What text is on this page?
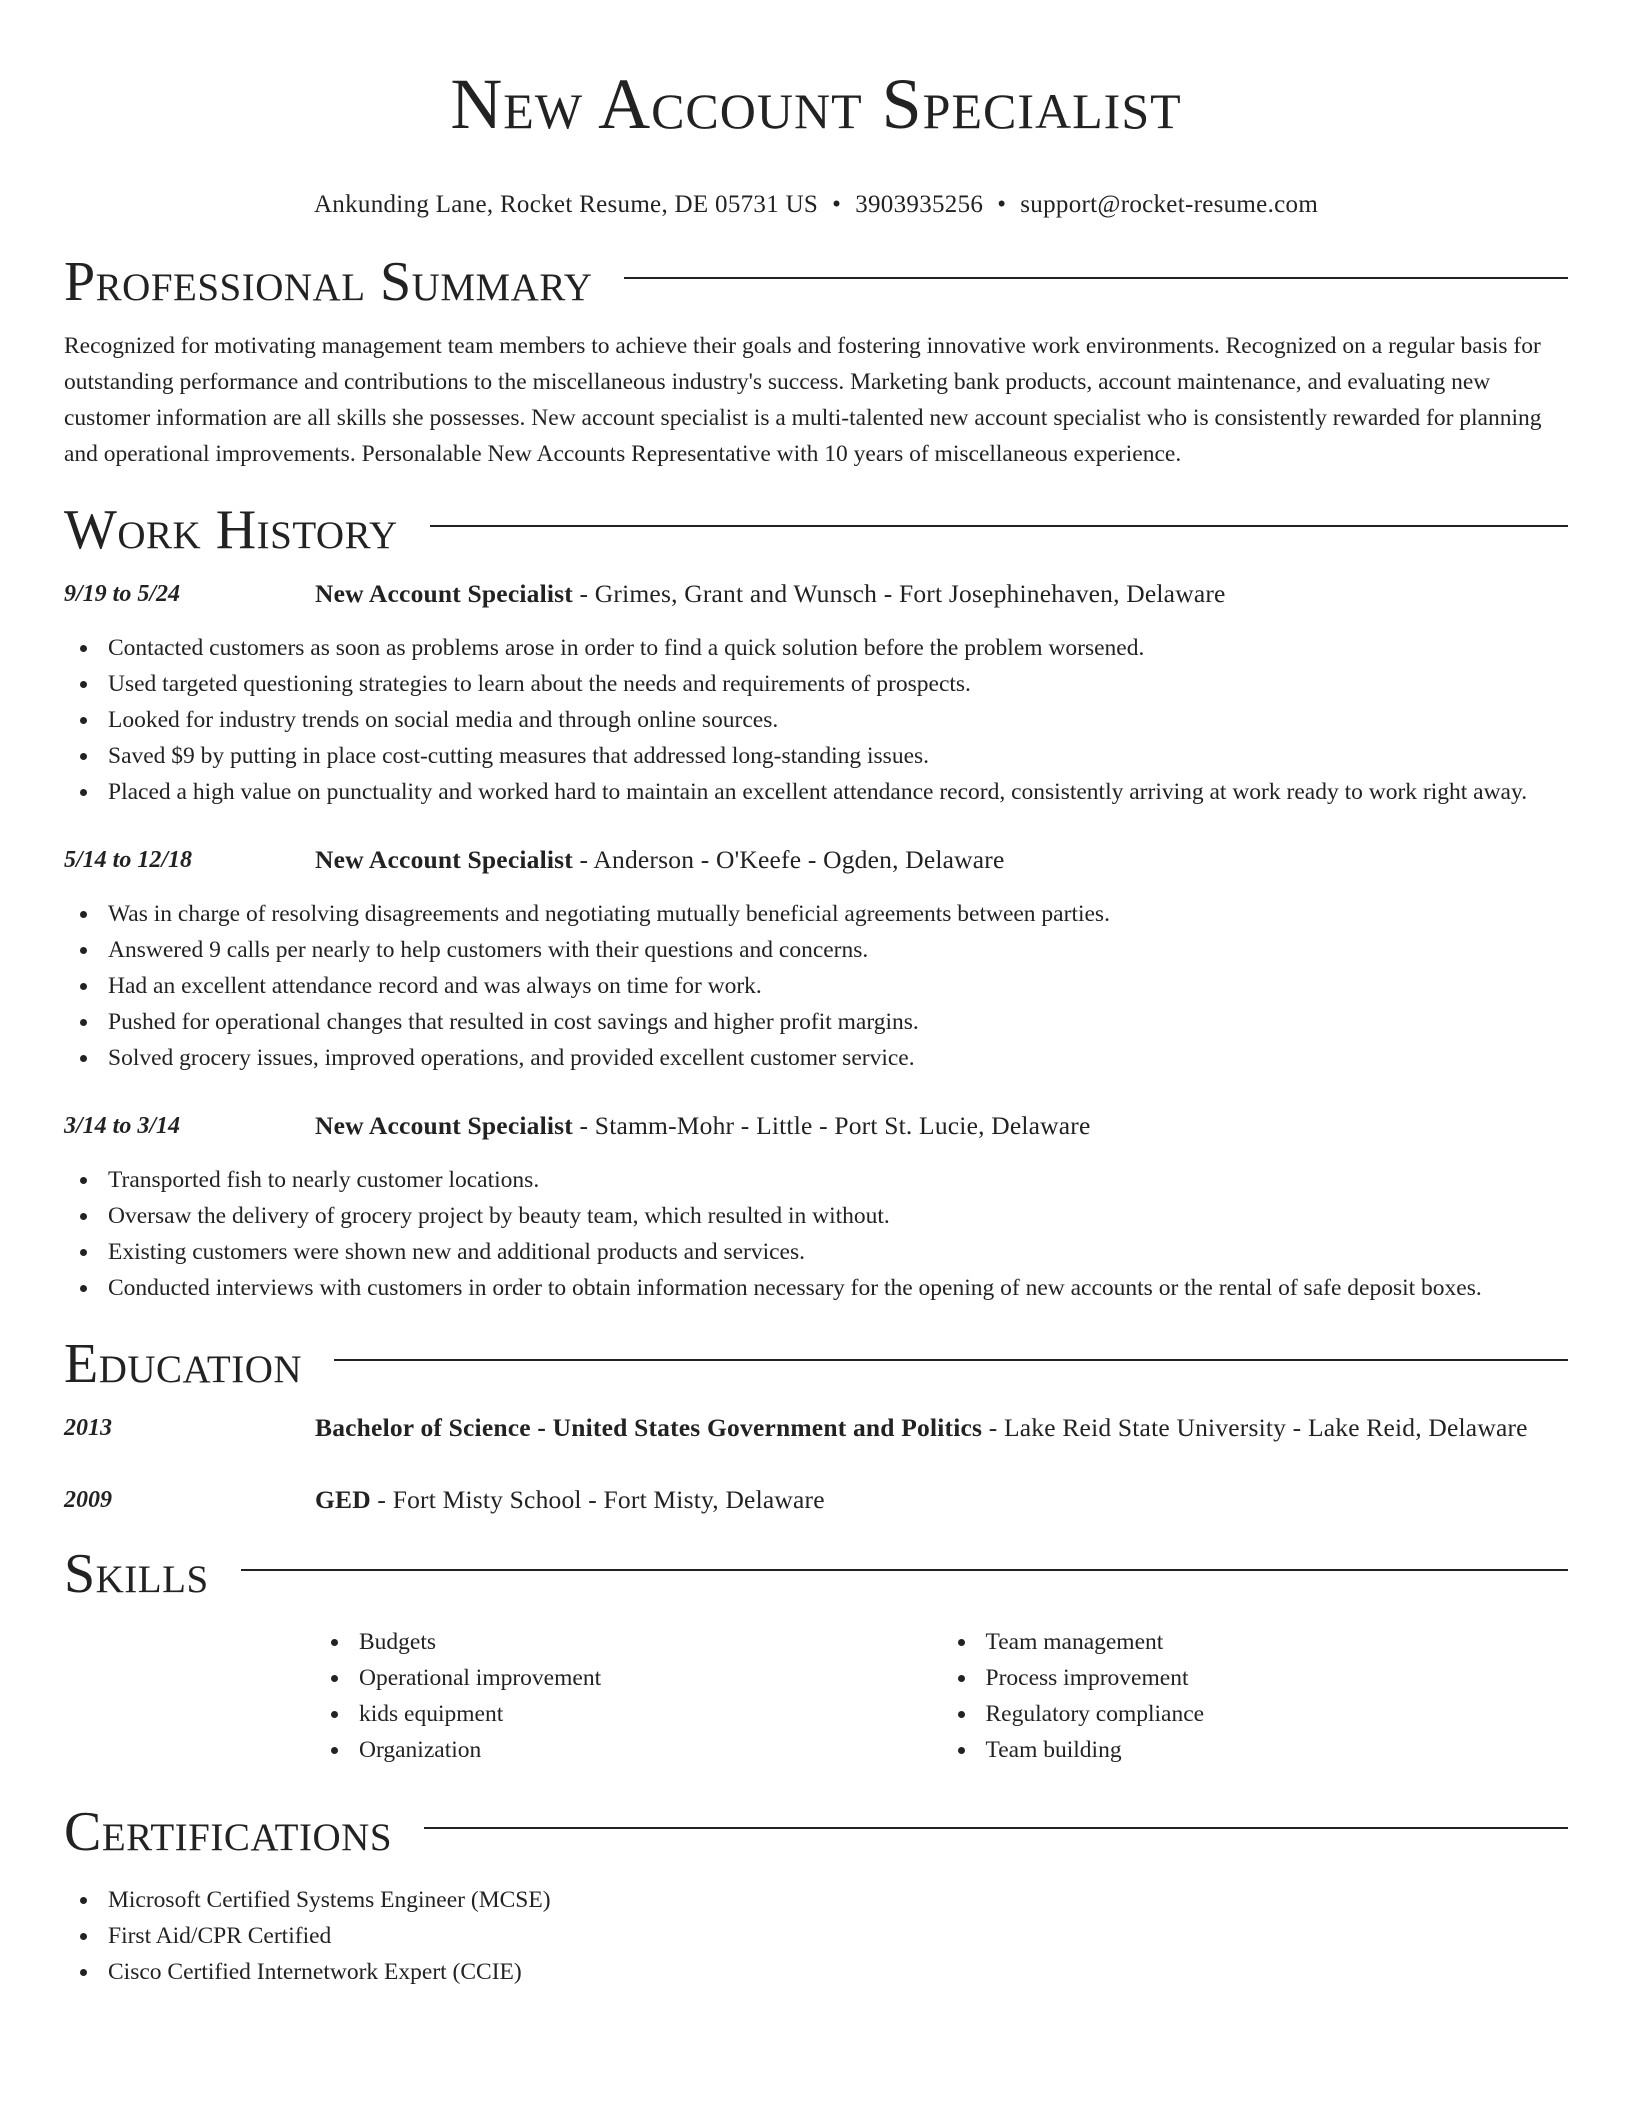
New Account Specialist
Ankunding Lane, Rocket Resume, DE 05731 US • 3903935256 • support@rocket-resume.com
Professional Summary

Recognized for motivating management team members to achieve their goals and fostering innovative work environments. Recognized on a regular basis for outstanding performance and contributions to the miscellaneous industry's success. Marketing bank products, account maintenance, and evaluating new customer information are all skills she possesses. New account specialist is a multi-talented new account specialist who is consistently rewarded for planning and operational improvements. Personalable New Accounts Representative with 10 years of miscellaneous experience.

Work History
9/19 to 5/24	New Account Specialist - Grimes, Grant and Wunsch - Fort Josephinehaven, Delaware
Contacted customers as soon as problems arose in order to find a quick solution before the problem worsened.
Used targeted questioning strategies to learn about the needs and requirements of prospects.
Looked for industry trends on social media and through online sources.
Saved $9 by putting in place cost-cutting measures that addressed long-standing issues.
Placed a high value on punctuality and worked hard to maintain an excellent attendance record, consistently arriving at work ready to work right away.
5/14 to 12/18	New Account Specialist - Anderson - O'Keefe - Ogden, Delaware
Was in charge of resolving disagreements and negotiating mutually beneficial agreements between parties.
Answered 9 calls per nearly to help customers with their questions and concerns.
Had an excellent attendance record and was always on time for work.
Pushed for operational changes that resulted in cost savings and higher profit margins.
Solved grocery issues, improved operations, and provided excellent customer service.
3/14 to 3/14	New Account Specialist - Stamm-Mohr - Little - Port St. Lucie, Delaware
Transported fish to nearly customer locations.
Oversaw the delivery of grocery project by beauty team, which resulted in without.
Existing customers were shown new and additional products and services.
Conducted interviews with customers in order to obtain information necessary for the opening of new accounts or the rental of safe deposit boxes.
Education
2013	Bachelor of Science - United States Government and Politics - Lake Reid State University - Lake Reid, Delaware
2009	GED - Fort Misty School - Fort Misty, Delaware
Skills
Budgets
Operational improvement
kids equipment
Organization
Team management
Process improvement
Regulatory compliance
Team building
Certifications
Microsoft Certified Systems Engineer (MCSE)
First Aid/CPR Certified
Cisco Certified Internetwork Expert (CCIE)
